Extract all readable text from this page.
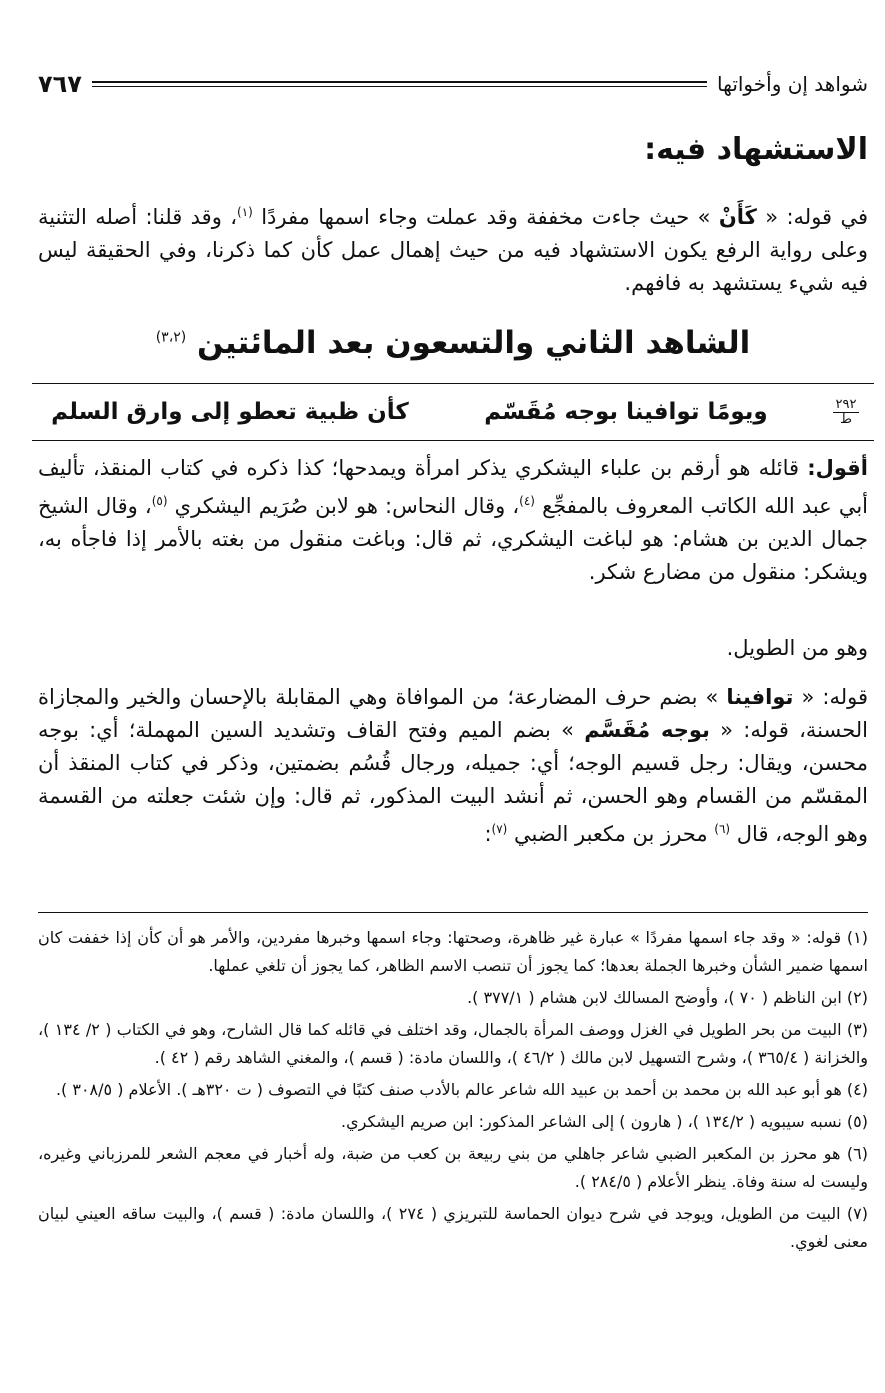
شواهد إن وأخواتها
٧٦٧
الاستشهاد فيه:

في قوله: « كَأَنْ » حيث جاءت مخففة وقد عملت وجاء اسمها مفردًا $^{(١)}$، وقد قلنا: أصله التثنية وعلى رواية الرفع يكون الاستشهاد فيه من حيث إهمال عمل كأن كما ذكرنا، وفي الحقيقة ليس فيه شيء يستشهد به فافهم.

الشاهد الثاني والتسعون بعد المائتين $^{(٣،٢)}$
٢٩٢
ط
ويومًا توافينا بوجه مُقَسّم
كأن ظبية تعطو إلى وارق السلم

أقول: قائله هو أرقم بن علباء اليشكري يذكر امرأة ويمدحها؛ كذا ذكره في كتاب المنقذ، تأليف أبي عبد الله الكاتب المعروف بالمفجِّع $^{(٤)}$، وقال النحاس: هو لابن صُرَيم اليشكري $^{(٥)}$، وقال الشيخ جمال الدين بن هشام: هو لباغت اليشكري، ثم قال: وباغت منقول من بغته بالأمر إذا فاجأه به، ويشكر: منقول من مضارع شكر.

وهو من الطويل.

قوله: « توافينا » بضم حرف المضارعة؛ من الموافاة وهي المقابلة بالإحسان والخير والمجازاة الحسنة، قوله: « بوجه مُقَسَّم » بضم الميم وفتح القاف وتشديد السين المهملة؛ أي: بوجه محسن، ويقال: رجل قسيم الوجه؛ أي: جميله، ورجال قُسُم بضمتين، وذكر في كتاب المنقذ أن المقسّم من القسام وهو الحسن، ثم أنشد البيت المذكور، ثم قال: وإن شئت جعلته من القسمة وهو الوجه، قال $^{(٦)}$ محرز بن مكعبر الضبي $^{(٧)}$:

(١) قوله: « وقد جاء اسمها مفردًا » عبارة غير ظاهرة، وصحتها: وجاء اسمها وخبرها مفردين، والأمر هو أن كأن إذا خففت كان اسمها ضمير الشأن وخبرها الجملة بعدها؛ كما يجوز أن تنصب الاسم الظاهر، كما يجوز أن تلغي عملها.
(٢) ابن الناظم ( ٧٠ )، وأوضح المسالك لابن هشام ( ٣٧٧/١ ).
(٣) البيت من بحر الطويل في الغزل ووصف المرأة بالجمال، وقد اختلف في قائله كما قال الشارح، وهو في الكتاب ( ٢/ ١٣٤ )، والخزانة ( ٣٦٥/٤ )، وشرح التسهيل لابن مالك ( ٤٦/٢ )، واللسان مادة: ( قسم )، والمغني الشاهد رقم ( ٤٢ ).
(٤) هو أبو عبد الله بن محمد بن أحمد بن عبيد الله شاعر عالم بالأدب صنف كتبًا في التصوف ( ت ٣٢٠هـ ). الأعلام ( ٣٠٨/٥ ).
(٥) نسبه سيبويه ( ١٣٤/٢ )، ( هارون ) إلى الشاعر المذكور: ابن صريم اليشكري.
(٦) هو محرز بن المكعبر الضبي شاعر جاهلي من بني ربيعة بن كعب من ضبة، وله أخبار في معجم الشعر للمرزباني وغيره، وليست له سنة وفاة. ينظر الأعلام ( ٢٨٤/٥ ).
(٧) البيت من الطويل، ويوجد في شرح ديوان الحماسة للتبريزي ( ٢٧٤ )، واللسان مادة: ( قسم )، والبيت ساقه العيني لبيان معنى لغوي.
